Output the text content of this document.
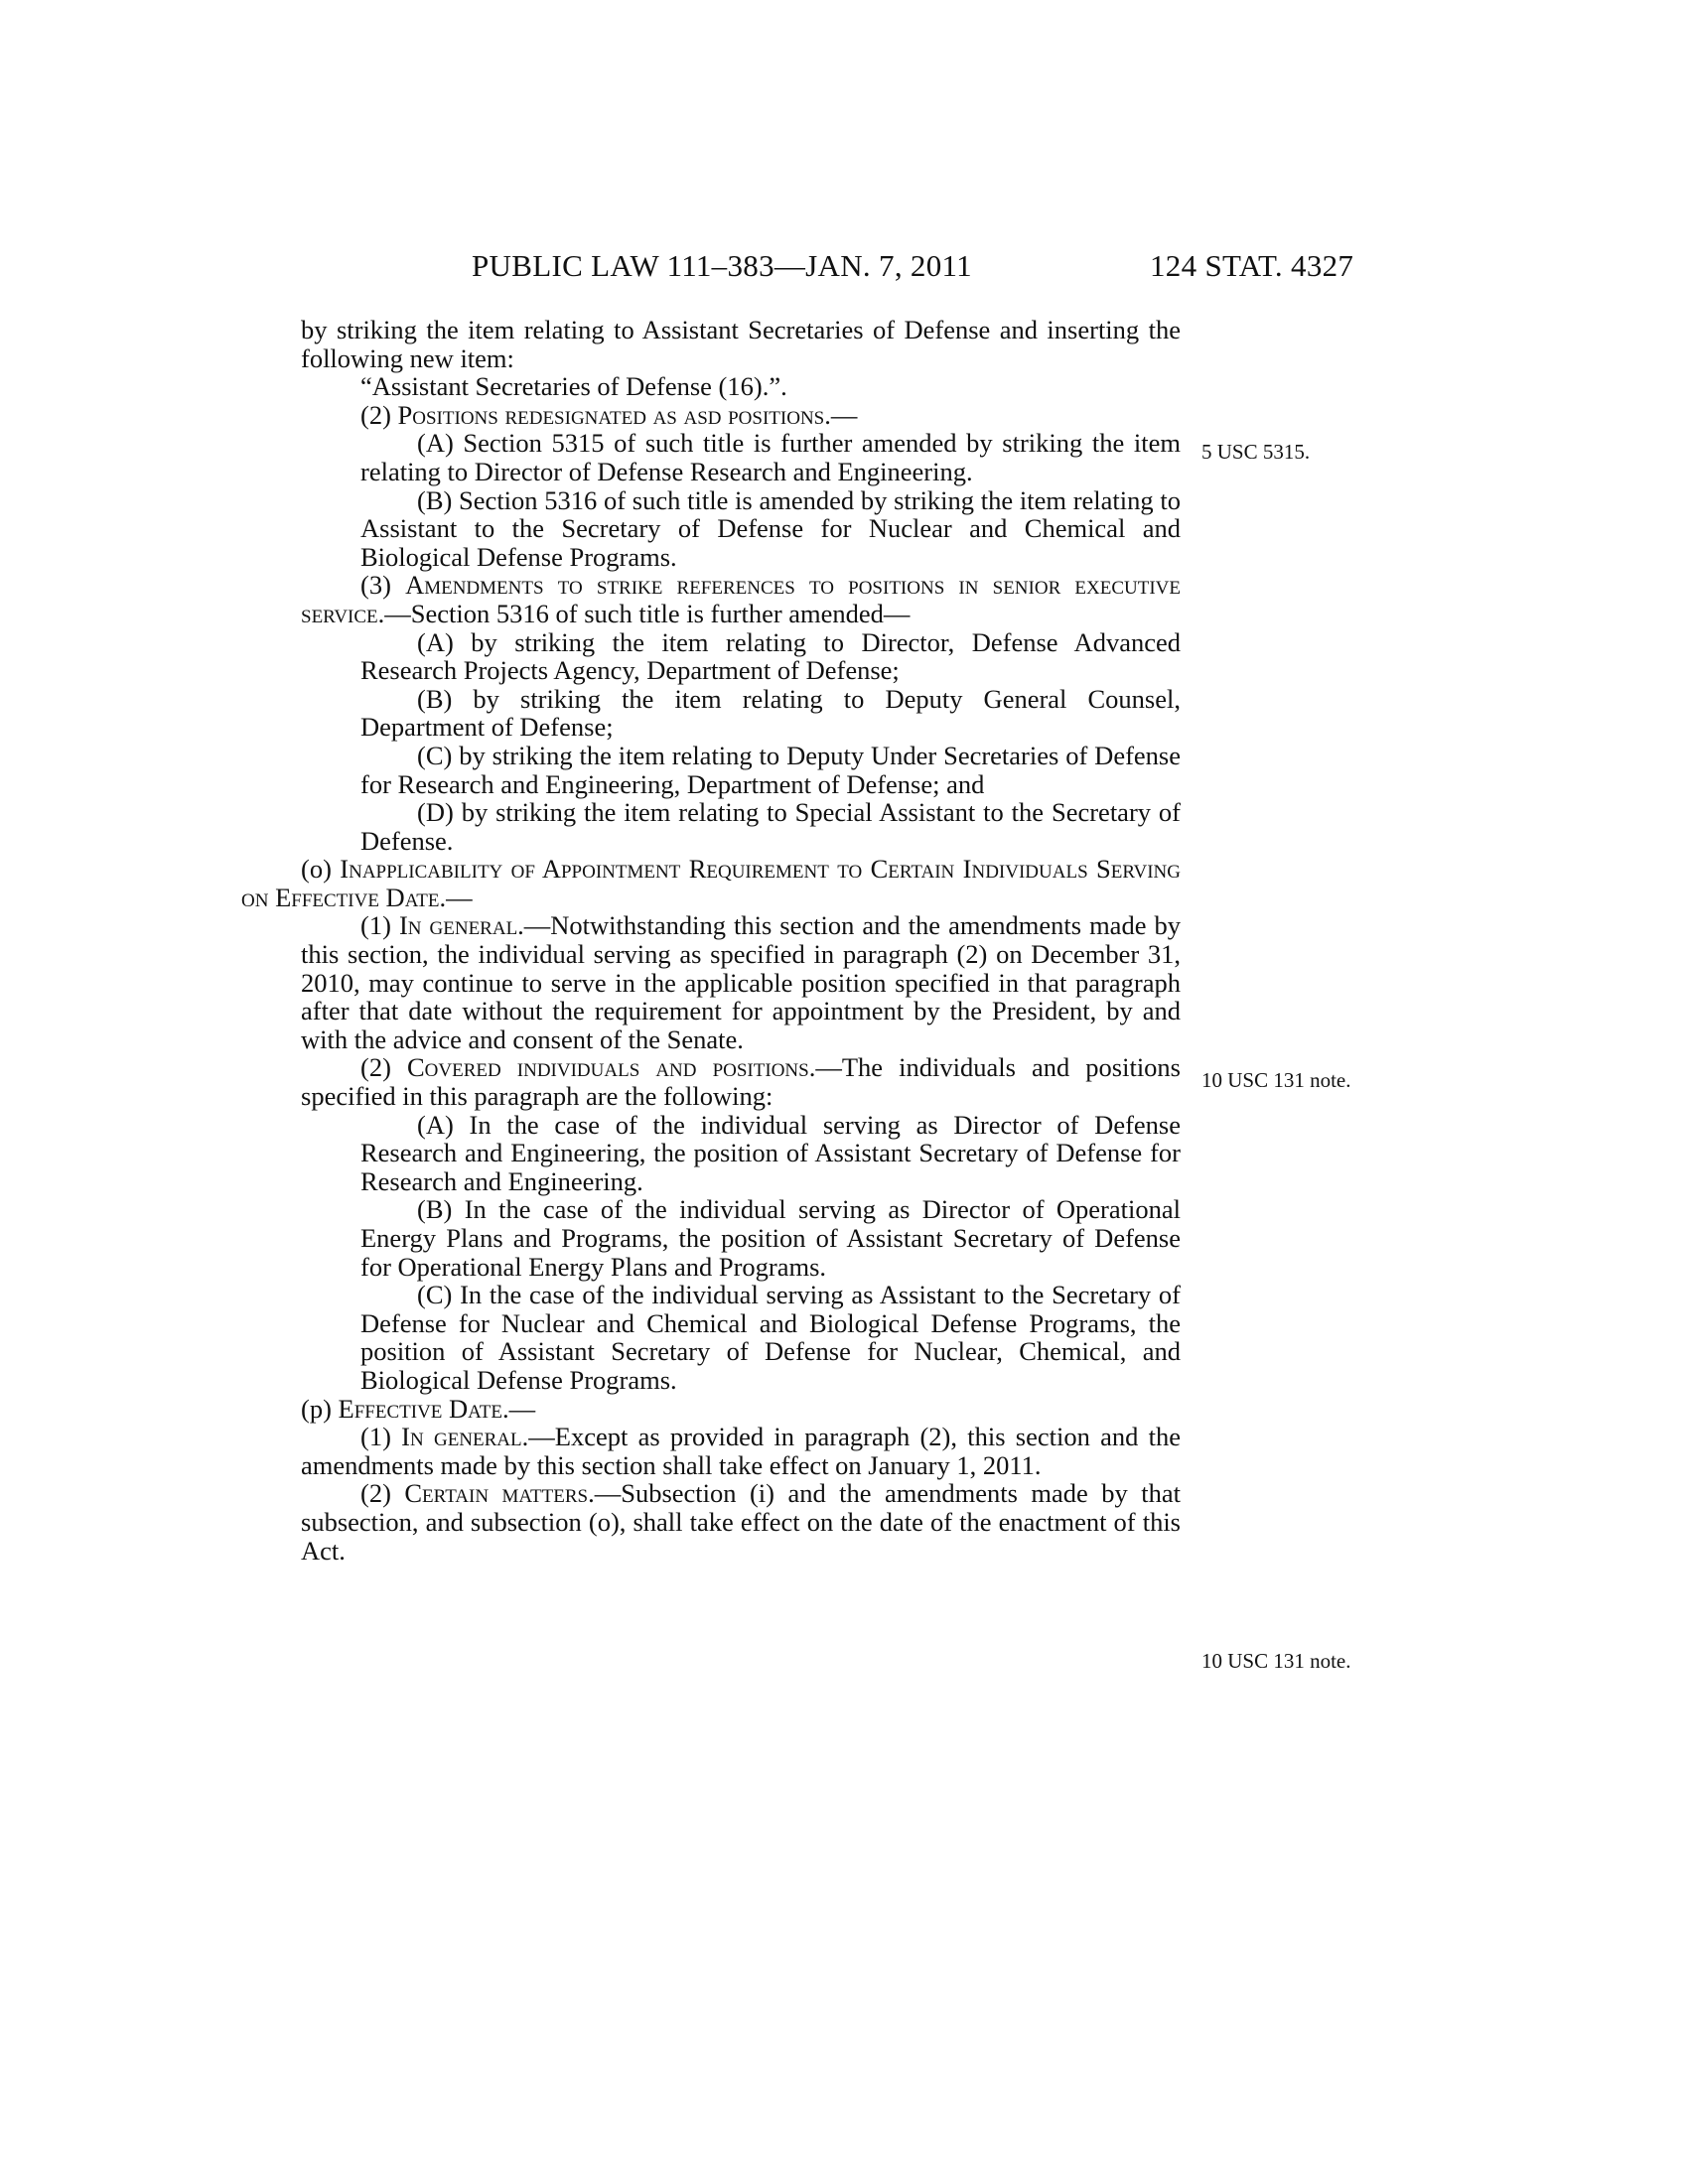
PUBLIC LAW 111–383—JAN. 7, 2011	124 STAT. 4327

by striking the item relating to Assistant Secretaries of Defense and inserting the following new item:

“Assistant Secretaries of Defense (16).”.

(2) Positions redesignated as asd positions.—

(A) Section 5315 of such title is further amended by striking the item relating to Director of Defense Research and Engineering.

(B) Section 5316 of such title is amended by striking the item relating to Assistant to the Secretary of Defense for Nuclear and Chemical and Biological Defense Programs.

(3) Amendments to strike references to positions in senior executive service.—Section 5316 of such title is further amended—

(A) by striking the item relating to Director, Defense Advanced Research Projects Agency, Department of Defense;

(B) by striking the item relating to Deputy General Counsel, Department of Defense;

(C) by striking the item relating to Deputy Under Secretaries of Defense for Research and Engineering, Department of Defense; and

(D) by striking the item relating to Special Assistant to the Secretary of Defense.

(o) Inapplicability of Appointment Requirement to Certain Individuals Serving on Effective Date.—

(1) In general.—Notwithstanding this section and the amendments made by this section, the individual serving as specified in paragraph (2) on December 31, 2010, may continue to serve in the applicable position specified in that paragraph after that date without the requirement for appointment by the President, by and with the advice and consent of the Senate.

(2) Covered individuals and positions.—The individuals and positions specified in this paragraph are the following:

(A) In the case of the individual serving as Director of Defense Research and Engineering, the position of Assistant Secretary of Defense for Research and Engineering.

(B) In the case of the individual serving as Director of Operational Energy Plans and Programs, the position of Assistant Secretary of Defense for Operational Energy Plans and Programs.

(C) In the case of the individual serving as Assistant to the Secretary of Defense for Nuclear and Chemical and Biological Defense Programs, the position of Assistant Secretary of Defense for Nuclear, Chemical, and Biological Defense Programs.

(p) Effective Date.—

(1) In general.—Except as provided in paragraph (2), this section and the amendments made by this section shall take effect on January 1, 2011.

(2) Certain matters.—Subsection (i) and the amendments made by that subsection, and subsection (o), shall take effect on the date of the enactment of this Act.

5 USC 5315.
10 USC 131 note.
10 USC 131 note.
